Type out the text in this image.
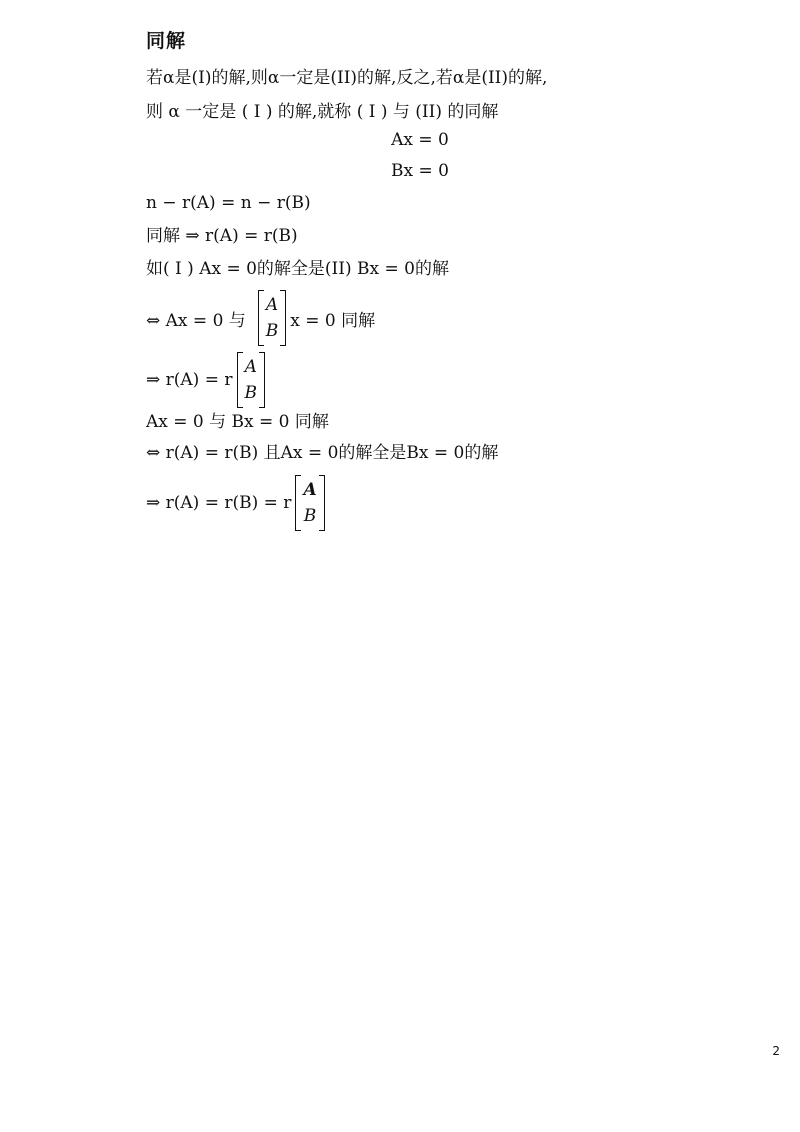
同解
若α是(I)的解,则α一定是(II)的解,反之,若α是(II)的解,
则 α 一定是 ( I ) 的解,就称 ( I ) 与 (II) 的同解
Ax = 0
Bx = 0
n − r(A) = n − r(B)
同解 ⇒ r(A) = r(B)
如( I ) Ax = 0的解全是(II) Bx = 0的解
⇔ Ax = 0 与
A
B
x = 0 同解
⇒ r(A) = r
A
B
Ax = 0 与 Bx = 0 同解
⇔ r(A) = r(B) 且Ax = 0的解全是Bx = 0的解
⇒ r(A) = r(B) = r
A
B
2
